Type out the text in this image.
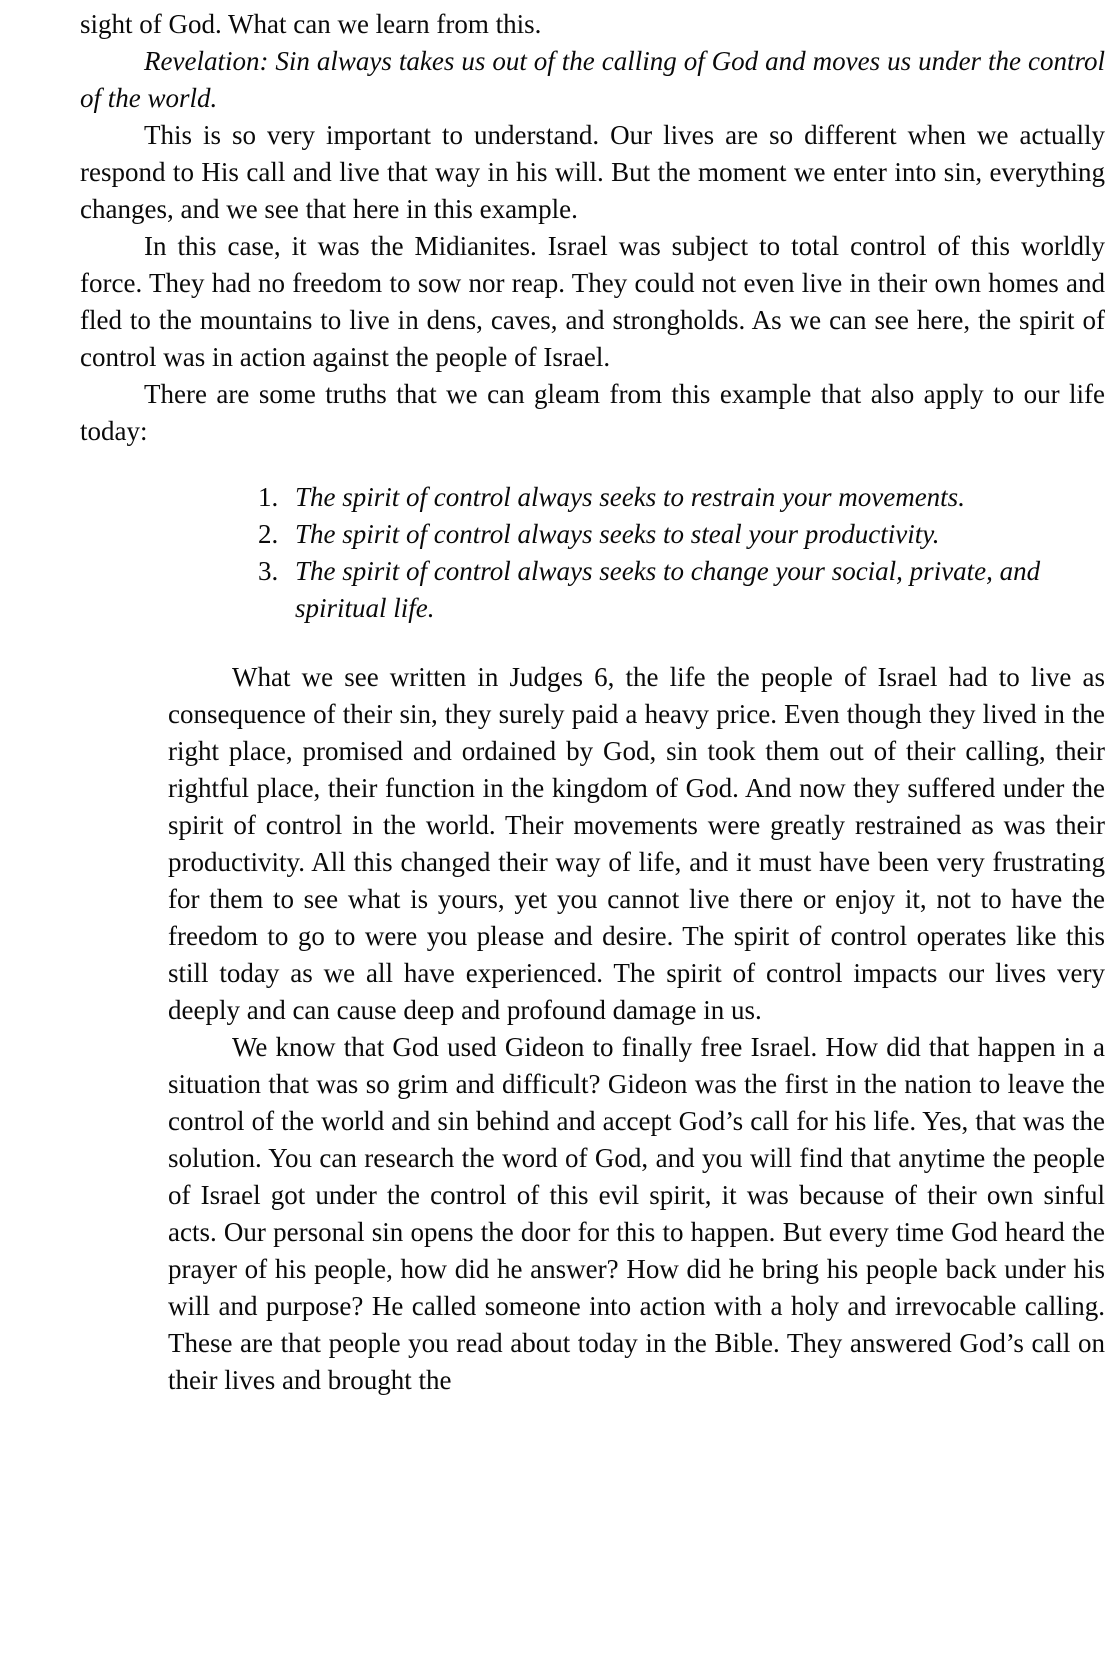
sight of God. What can we learn from this.

Revelation: Sin always takes us out of the calling of God and moves us under the control of the world.

This is so very important to understand. Our lives are so different when we actually respond to His call and live that way in his will. But the moment we enter into sin, everything changes, and we see that here in this example.

In this case, it was the Midianites. Israel was subject to total control of this worldly force. They had no freedom to sow nor reap. They could not even live in their own homes and fled to the mountains to live in dens, caves, and strongholds. As we can see here, the spirit of control was in action against the people of Israel.

There are some truths that we can gleam from this example that also apply to our life today:

1. The spirit of control always seeks to restrain your movements.
2. The spirit of control always seeks to steal your productivity.
3. The spirit of control always seeks to change your social, private, and spiritual life.

What we see written in Judges 6, the life the people of Israel had to live as consequence of their sin, they surely paid a heavy price. Even though they lived in the right place, promised and ordained by God, sin took them out of their calling, their rightful place, their function in the kingdom of God. And now they suffered under the spirit of control in the world. Their movements were greatly restrained as was their productivity. All this changed their way of life, and it must have been very frustrating for them to see what is yours, yet you cannot live there or enjoy it, not to have the freedom to go to were you please and desire. The spirit of control operates like this still today as we all have experienced. The spirit of control impacts our lives very deeply and can cause deep and profound damage in us.

We know that God used Gideon to finally free Israel. How did that happen in a situation that was so grim and difficult? Gideon was the first in the nation to leave the control of the world and sin behind and accept God’s call for his life. Yes, that was the solution. You can research the word of God, and you will find that anytime the people of Israel got under the control of this evil spirit, it was because of their own sinful acts. Our personal sin opens the door for this to happen. But every time God heard the prayer of his people, how did he answer? How did he bring his people back under his will and purpose? He called someone into action with a holy and irrevocable calling. These are that people you read about today in the Bible. They answered God’s call on their lives and brought the
